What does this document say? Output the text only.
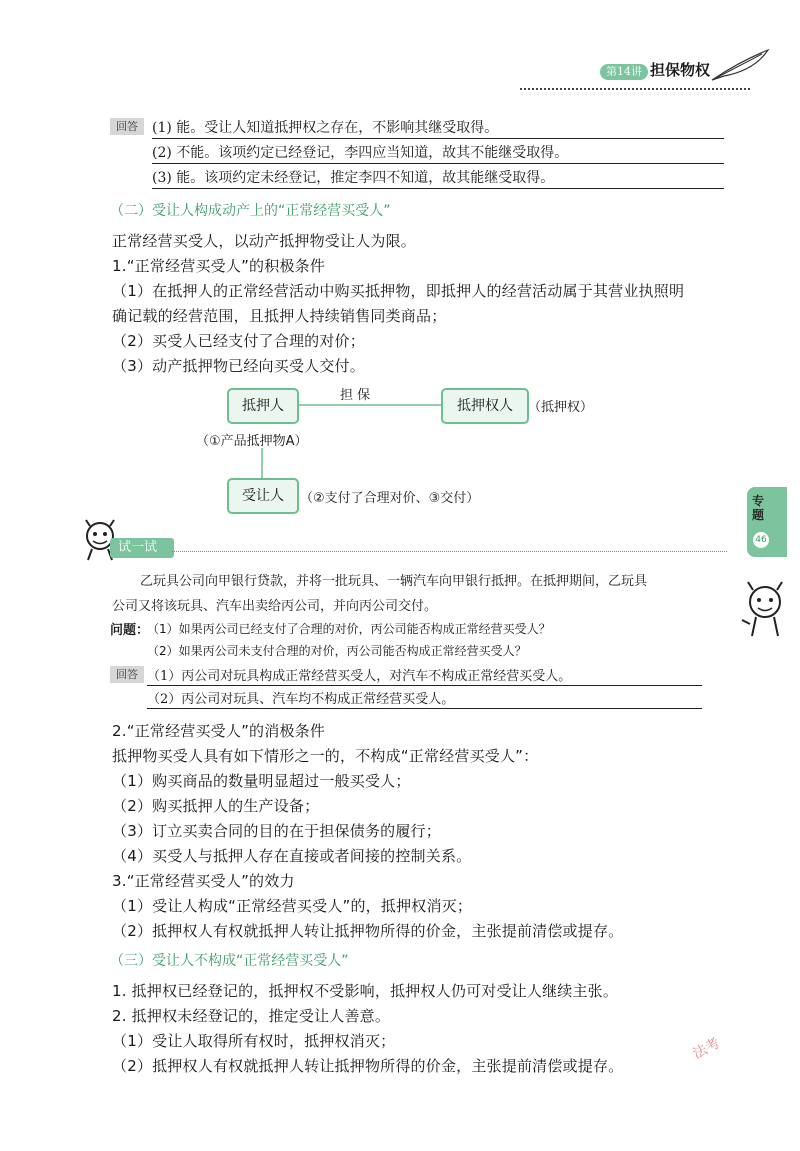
第14讲 担保物权
回答	(1) 能。受让人知道抵押权之存在，不影响其继受取得。
(2) 不能。该项约定已经登记，李四应当知道，故其不能继受取得。
(3) 能。该项约定未经登记，推定李四不知道，故其能继受取得。
（二）受让人构成动产上的“正常经营买受人”
正常经营买受人，以动产抵押物受让人为限。
1.“正常经营买受人”的积极条件
（1）在抵押人的正常经营活动中购买抵押物，即抵押人的经营活动属于其营业执照明
确记载的经营范围，且抵押人持续销售同类商品；
（2）买受人已经支付了合理的对价；
（3）动产抵押物已经向买受人交付。
抵押人
担 保
抵押权人	（抵押权）
（①产品抵押物A）
受让人	（②支付了合理对价、③交付）	专题
46
试一试
乙玩具公司向甲银行贷款，并将一批玩具、一辆汽车向甲银行抵押。在抵押期间，乙玩具
公司又将该玩具、汽车出卖给丙公司，并向丙公司交付。
问题：
（1）如果丙公司已经支付了合理的对价，丙公司能否构成正常经营买受人？
（2）如果丙公司未支付合理的对价，丙公司能否构成正常经营买受人？
回答 （1）丙公司对玩具构成正常经营买受人，对汽车不构成正常经营买受人。
（2）丙公司对玩具、汽车均不构成正常经营买受人。
2.“正常经营买受人”的消极条件
抵押物买受人具有如下情形之一的，不构成“正常经营买受人”：
（1）购买商品的数量明显超过一般买受人；
（2）购买抵押人的生产设备；
（3）订立买卖合同的目的在于担保债务的履行；
（4）买受人与抵押人存在直接或者间接的控制关系。
3.“正常经营买受人”的效力
（1）受让人构成“正常经营买受人”的，抵押权消灭；
（2）抵押权人有权就抵押人转让抵押物所得的价金，主张提前清偿或提存。
（三）受让人不构成“正常经营买受人”
1. 抵押权已经登记的，抵押权不受影响，抵押权人仍可对受让人继续主张。
2. 抵押权未经登记的，推定受让人善意。
（1）受让人取得所有权时，抵押权消灭；
（2）抵押权人有权就抵押人转让抵押物所得的价金，主张提前清偿或提存。
法考
